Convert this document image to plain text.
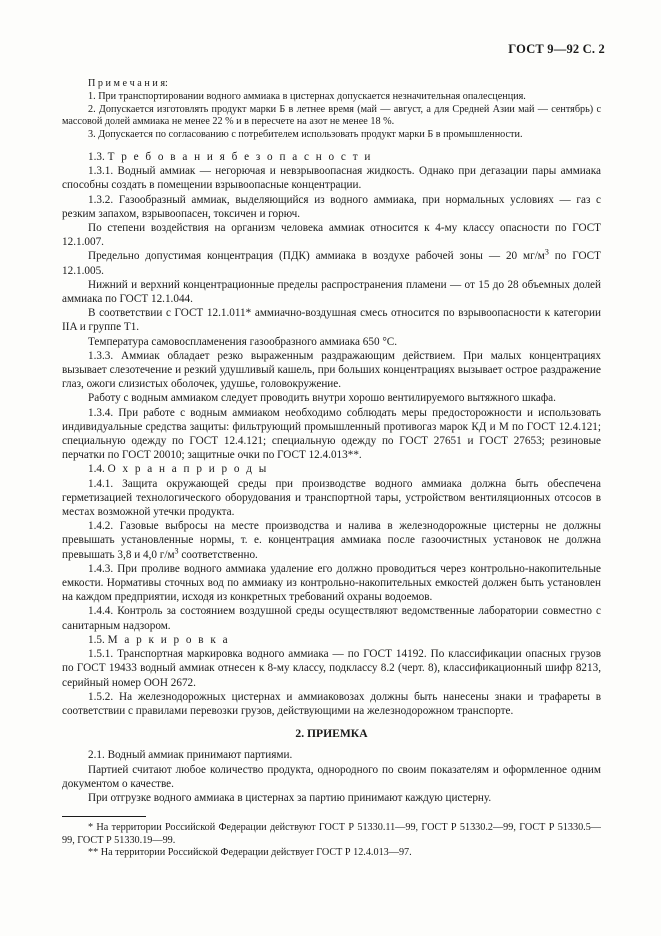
ГОСТ 9—92 С. 2

П р и м е ч а н и я:

1. При транспортировании водного аммиака в цистернах допускается незначительная опалесценция.

2. Допускается изготовлять продукт марки Б в летнее время (май — август, а для Средней Азии май — сентябрь) с массовой долей аммиака не менее 22 % и в пересчете на азот не менее 18 %.

3. Допускается по согласованию с потребителем использовать продукт марки Б в промышленности.

1.3. Т р е б о в а н и я б е з о п а с н о с т и

1.3.1. Водный аммиак — негорючая и невзрывоопасная жидкость. Однако при дегазации пары аммиака способны создать в помещении взрывоопасные концентрации.

1.3.2. Газообразный аммиак, выделяющийся из водного аммиака, при нормальных условиях — газ с резким запахом, взрывоопасен, токсичен и горюч.

По степени воздействия на организм человека аммиак относится к 4-му классу опасности по ГОСТ 12.1.007.

Предельно допустимая концентрация (ПДК) аммиака в воздухе рабочей зоны — 20 $мг/м^3$ по ГОСТ 12.1.005.

Нижний и верхний концентрационные пределы распространения пламени — от 15 до 28 объемных долей аммиака по ГОСТ 12.1.044.

В соответствии с ГОСТ 12.1.011* аммиачно-воздушная смесь относится по взрывоопасности к категории IIA и группе Т1.

Температура самовоспламенения газообразного аммиака 650 °С.

1.3.3. Аммиак обладает резко выраженным раздражающим действием. При малых концентрациях вызывает слезотечение и резкий удушливый кашель, при больших концентрациях вызывает острое раздражение глаз, ожоги слизистых оболочек, удушье, головокружение.

Работу с водным аммиаком следует проводить внутри хорошо вентилируемого вытяжного шкафа.

1.3.4. При работе с водным аммиаком необходимо соблюдать меры предосторожности и использовать индивидуальные средства защиты: фильтрующий промышленный противогаз марок КД и М по ГОСТ 12.4.121; специальную одежду по ГОСТ 12.4.121; специальную одежду по ГОСТ 27651 и ГОСТ 27653; резиновые перчатки по ГОСТ 20010; защитные очки по ГОСТ 12.4.013**.

1.4. О х р а н а п р и р о д ы

1.4.1. Защита окружающей среды при производстве водного аммиака должна быть обеспечена герметизацией технологического оборудования и транспортной тары, устройством вентиляционных отсосов в местах возможной утечки продукта.

1.4.2. Газовые выбросы на месте производства и налива в железнодорожные цистерны не должны превышать установленные нормы, т. е. концентрация аммиака после газоочистных установок не должна превышать 3,8 и 4,0 $г/м^3$ соответственно.

1.4.3. При проливе водного аммиака удаление его должно проводиться через контрольно-накопительные емкости. Нормативы сточных вод по аммиаку из контрольно-накопительных емкостей должен быть установлен на каждом предприятии, исходя из конкретных требований охраны водоемов.

1.4.4. Контроль за состоянием воздушной среды осуществляют ведомственные лаборатории совместно с санитарным надзором.

1.5. М а р к и р о в к а

1.5.1. Транспортная маркировка водного аммиака — по ГОСТ 14192. По классификации опасных грузов по ГОСТ 19433 водный аммиак отнесен к 8-му классу, подклассу 8.2 (черт. 8), классификационный шифр 8213, серийный номер ООН 2672.

1.5.2. На железнодорожных цистернах и аммиаковозах должны быть нанесены знаки и трафареты в соответствии с правилами перевозки грузов, действующими на железнодорожном транспорте.

2. ПРИЕМКА

2.1. Водный аммиак принимают партиями.

Партией считают любое количество продукта, однородного по своим показателям и оформленное одним документом о качестве.

При отгрузке водного аммиака в цистернах за партию принимают каждую цистерну.

* На территории Российской Федерации действуют ГОСТ Р 51330.11—99, ГОСТ Р 51330.2—99, ГОСТ Р 51330.5—99, ГОСТ Р 51330.19—99.

** На территории Российской Федерации действует ГОСТ Р 12.4.013—97.
